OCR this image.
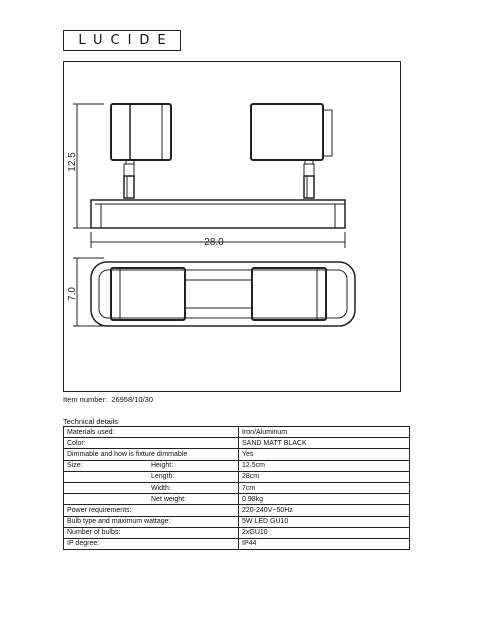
LUCIDE
12.5
28.0
7.0
Item number: 26958/10/30
Technical details
Materials used:	Iron/Aluminum
Color:	SAND MATT BLACK
Dimmable and how is fixture dimmable	Yes
Size: Height:	12.5cm
Length:	28cm
Width:	7cm
Net weight:	0.98kg
Power requirements:	220-240V~50Hz
Bulb type and maximum wattage:	5W LED GU10
Number of bulbs:	2xGU10
IP degree:	IP44
